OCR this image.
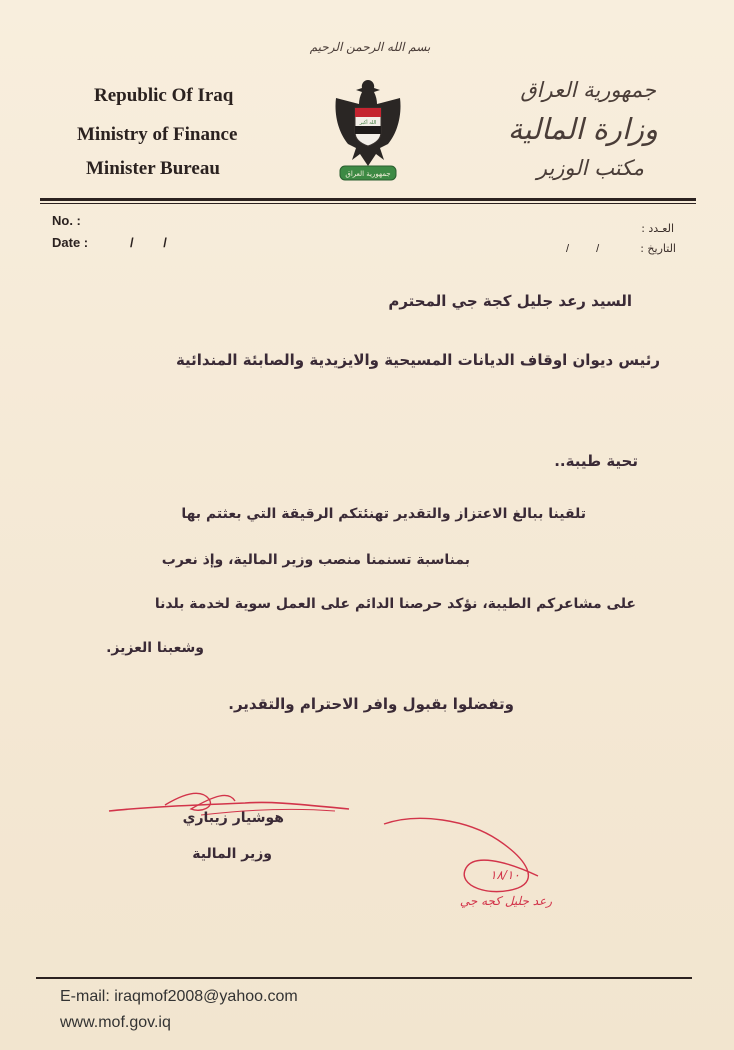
بسم الله الرحمن الرحيم
Republic Of Iraq
Ministry of Finance
Minister Bureau
الله أكبر
جمهورية العراق
جمهورية العراق
وزارة المالية
مكتب الوزير
No. :
Date :	/ /
العـدد :
التاريخ :
/ /
السيد رعد جليل كجة جي المحترم
رئيس ديوان اوقاف الديانات المسيحية والايزيدية والصابئة المندائية
تحية طيبة..
تلقينا ببالغ الاعتزاز والتقدير تهنئتكم الرقيقة التي بعثتم بها
بمناسبة تسنمنا منصب وزير المالية، وإذ نعرب
على مشاعركم الطيبة، نؤكد حرصنا الدائم على العمل سوية لخدمة بلدنا
وشعبنا العزيز.
وتفضلوا بقبول وافر الاحترام والتقدير.
هوشيار زيباري
وزير المالية
١٨/١٠
رعد جليل كجه جي
E-mail: iraqmof2008@yahoo.com
www.mof.gov.iq
